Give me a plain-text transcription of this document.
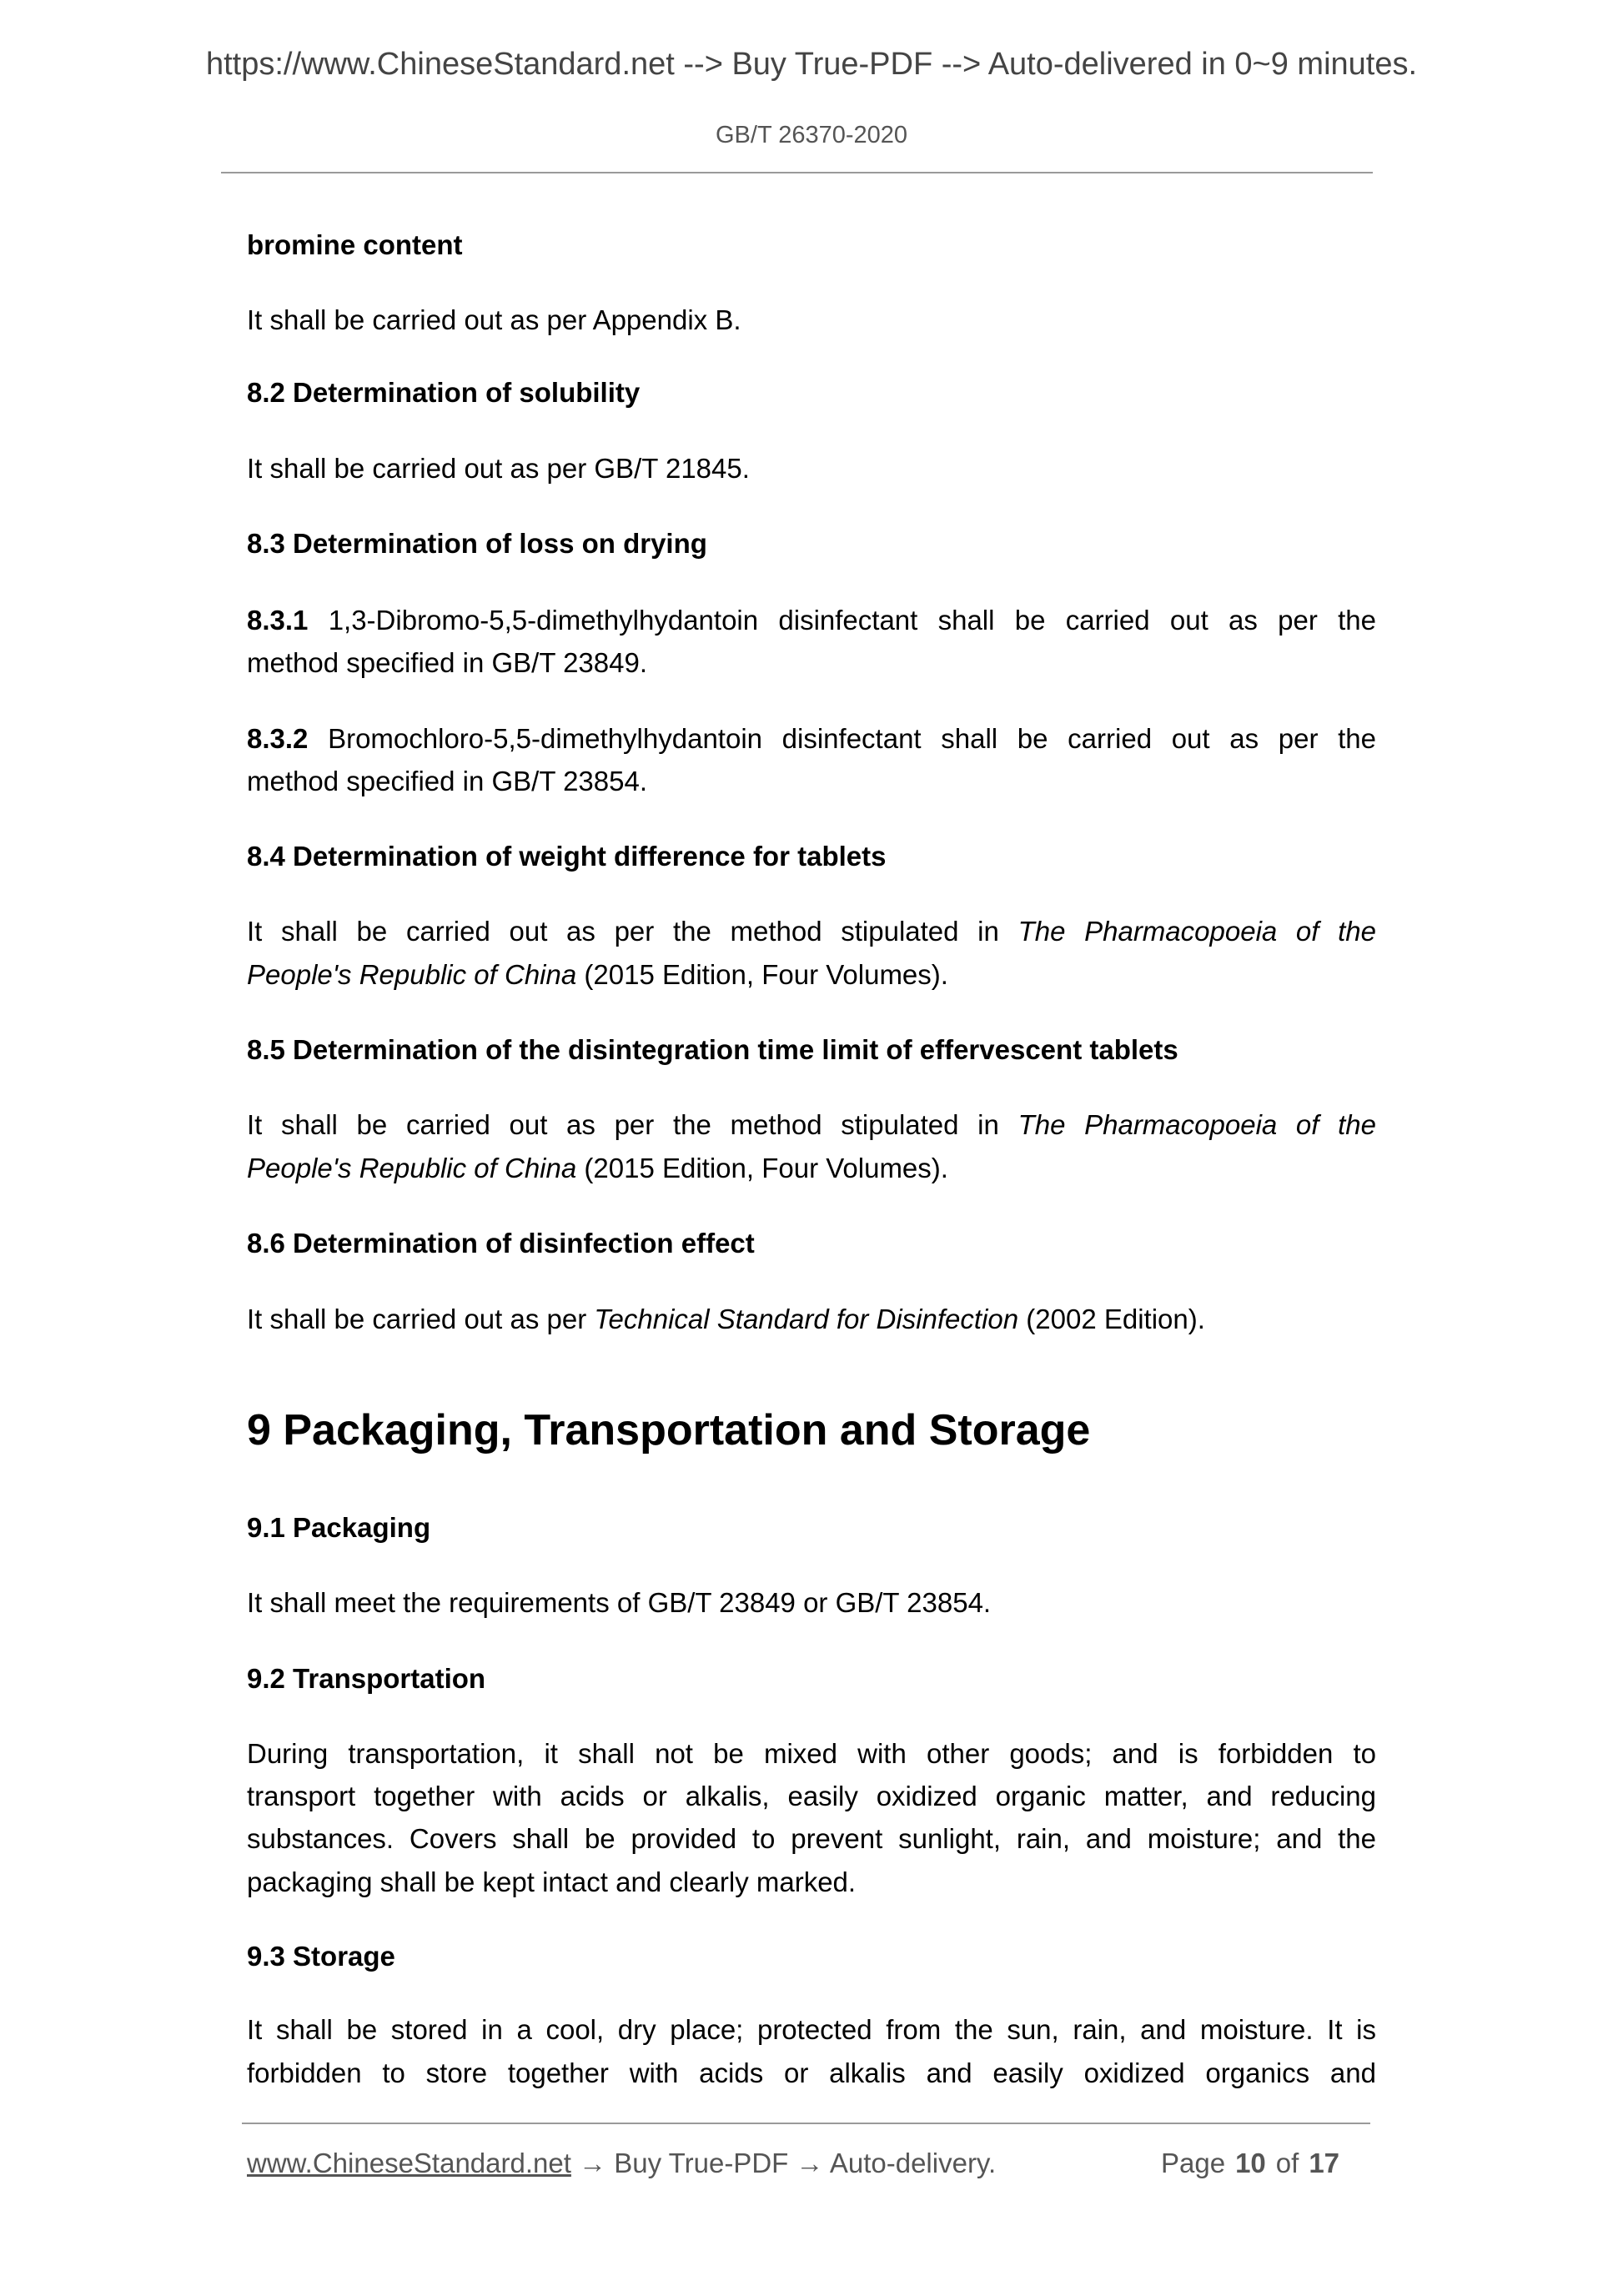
https://www.ChineseStandard.net --> Buy True-PDF --> Auto-delivered in 0~9 minutes.
GB/T 26370-2020
bromine content
It shall be carried out as per Appendix B.
8.2 Determination of solubility
It shall be carried out as per GB/T 21845.
8.3 Determination of loss on drying
8.3.1 1,3-Dibromo-5,5-dimethylhydantoin disinfectant shall be carried out as per the
method specified in GB/T 23849.
8.3.2 Bromochloro-5,5-dimethylhydantoin disinfectant shall be carried out as per the
method specified in GB/T 23854.
8.4 Determination of weight difference for tablets
It shall be carried out as per the method stipulated in The Pharmacopoeia of the
People's Republic of China (2015 Edition, Four Volumes).
8.5 Determination of the disintegration time limit of effervescent tablets
It shall be carried out as per the method stipulated in The Pharmacopoeia of the
People's Republic of China (2015 Edition, Four Volumes).
8.6 Determination of disinfection effect
It shall be carried out as per Technical Standard for Disinfection (2002 Edition).
9 Packaging, Transportation and Storage
9.1 Packaging
It shall meet the requirements of GB/T 23849 or GB/T 23854.
9.2 Transportation
During transportation, it shall not be mixed with other goods; and is forbidden to
transport together with acids or alkalis, easily oxidized organic matter, and reducing
substances. Covers shall be provided to prevent sunlight, rain, and moisture; and the
packaging shall be kept intact and clearly marked.
9.3 Storage
It shall be stored in a cool, dry place; protected from the sun, rain, and moisture. It is
forbidden to store together with acids or alkalis and easily oxidized organics and
www.ChineseStandard.net → Buy True-PDF → Auto-delivery.	Page 10 of 17
